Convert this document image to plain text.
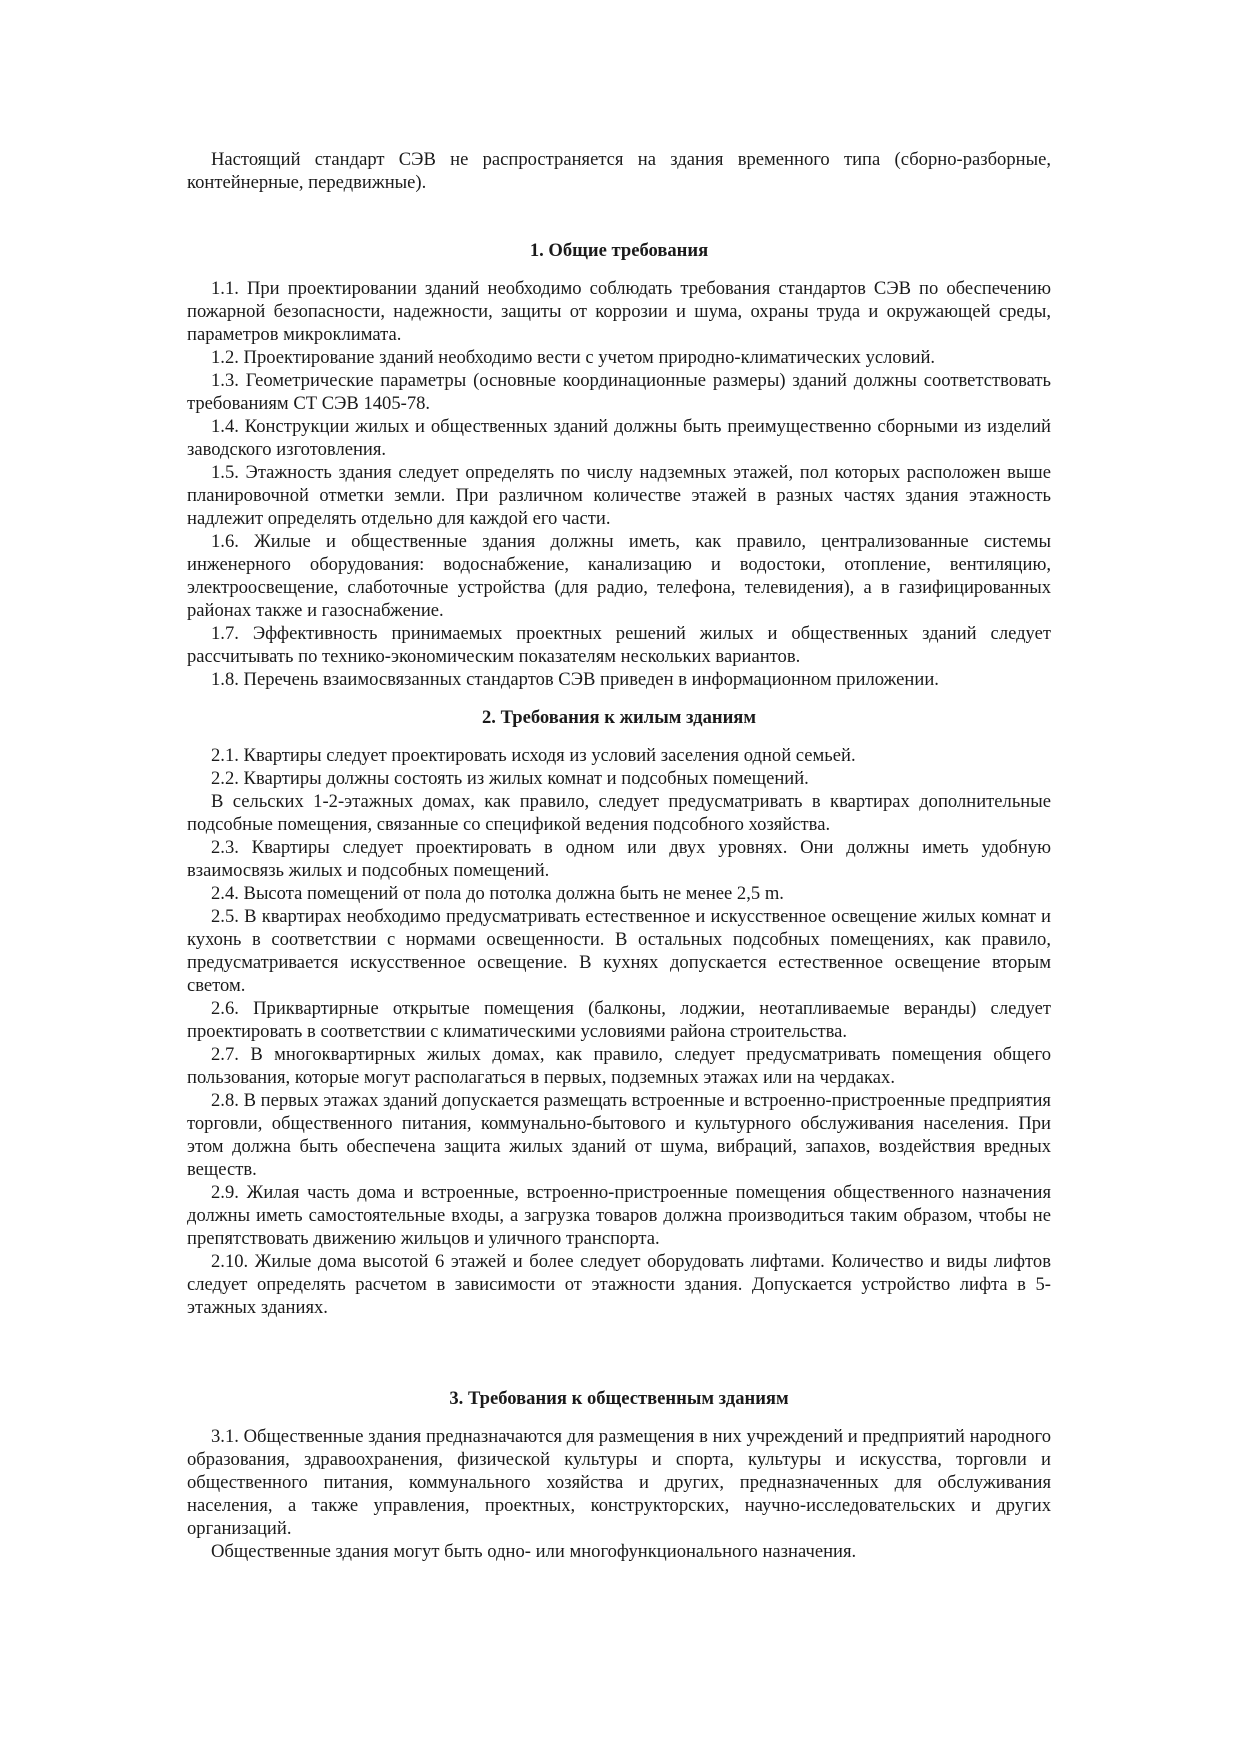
Настоящий стандарт СЭВ не распространяется на здания временного типа (сборно-разборные, контейнерные, передвижные).

1. Общие требования

1.1. При проектировании зданий необходимо соблюдать требования стандартов СЭВ по обеспечению пожарной безопасности, надежности, защиты от коррозии и шума, охраны труда и окружающей среды, параметров микроклимата.

1.2. Проектирование зданий необходимо вести с учетом природно-климатических условий.

1.3. Геометрические параметры (основные координационные размеры) зданий должны соответствовать требованиям СТ СЭВ 1405-78.

1.4. Конструкции жилых и общественных зданий должны быть преимущественно сборными из изделий заводского изготовления.

1.5. Этажность здания следует определять по числу надземных этажей, пол которых расположен выше планировочной отметки земли. При различном количестве этажей в разных частях здания этажность надлежит определять отдельно для каждой его части.

1.6. Жилые и общественные здания должны иметь, как правило, централизованные системы инженерного оборудования: водоснабжение, канализацию и водостоки, отопление, вентиляцию, электроосвещение, слаботочные устройства (для радио, телефона, телевидения), а в газифицированных районах также и газоснабжение.

1.7. Эффективность принимаемых проектных решений жилых и общественных зданий следует рассчитывать по технико-экономическим показателям нескольких вариантов.

1.8. Перечень взаимосвязанных стандартов СЭВ приведен в информационном приложении.

2. Требования к жилым зданиям

2.1. Квартиры следует проектировать исходя из условий заселения одной семьей.

2.2. Квартиры должны состоять из жилых комнат и подсобных помещений.

В сельских 1-2-этажных домах, как правило, следует предусматривать в квартирах дополнительные подсобные помещения, связанные со спецификой ведения подсобного хозяйства.

2.3. Квартиры следует проектировать в одном или двух уровнях. Они должны иметь удобную взаимосвязь жилых и подсобных помещений.

2.4. Высота помещений от пола до потолка должна быть не менее 2,5 m.

2.5. В квартирах необходимо предусматривать естественное и искусственное освещение жилых комнат и кухонь в соответствии с нормами освещенности. В остальных подсобных помещениях, как правило, предусматривается искусственное освещение. В кухнях допускается естественное освещение вторым светом.

2.6. Приквартирные открытые помещения (балконы, лоджии, неотапливаемые веранды) следует проектировать в соответствии с климатическими условиями района строительства.

2.7. В многоквартирных жилых домах, как правило, следует предусматривать помещения общего пользования, которые могут располагаться в первых, подземных этажах или на чердаках.

2.8. В первых этажах зданий допускается размещать встроенные и встроенно-пристроенные предприятия торговли, общественного питания, коммунально-бытового и культурного обслуживания населения. При этом должна быть обеспечена защита жилых зданий от шума, вибраций, запахов, воздействия вредных веществ.

2.9. Жилая часть дома и встроенные, встроенно-пристроенные помещения общественного назначения должны иметь самостоятельные входы, а загрузка товаров должна производиться таким образом, чтобы не препятствовать движению жильцов и уличного транспорта.

2.10. Жилые дома высотой 6 этажей и более следует оборудовать лифтами. Количество и виды лифтов следует определять расчетом в зависимости от этажности здания. Допускается устройство лифта в 5-этажных зданиях.

3. Требования к общественным зданиям

3.1. Общественные здания предназначаются для размещения в них учреждений и предприятий народного образования, здравоохранения, физической культуры и спорта, культуры и искусства, торговли и общественного питания, коммунального хозяйства и других, предназначенных для обслуживания населения, а также управления, проектных, конструкторских, научно-исследовательских и других организаций.

Общественные здания могут быть одно- или многофункционального назначения.
